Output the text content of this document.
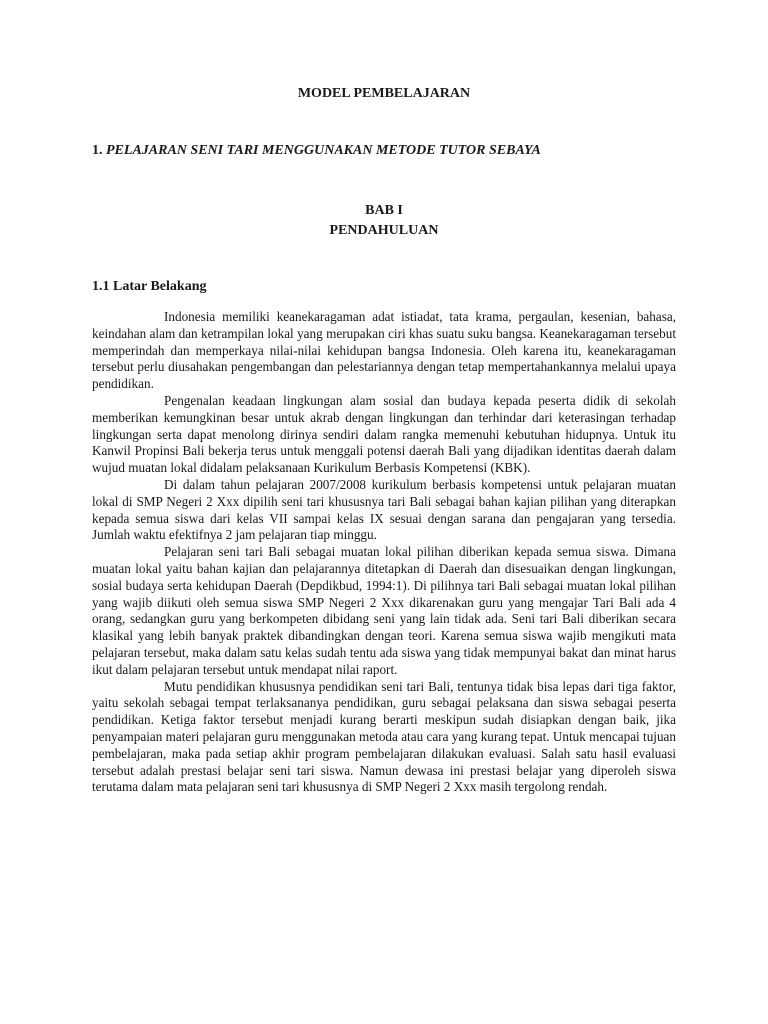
MODEL PEMBELAJARAN
1. PELAJARAN SENI TARI MENGGUNAKAN METODE TUTOR SEBAYA
BAB I
PENDAHULUAN
1.1 Latar Belakang

Indonesia memiliki keanekaragaman adat istiadat, tata krama, pergaulan, kesenian, bahasa, keindahan alam dan ketrampilan lokal yang merupakan ciri khas suatu suku bangsa. Keanekaragaman tersebut memperindah dan memperkaya nilai-nilai kehidupan bangsa Indonesia. Oleh karena itu, keanekaragaman tersebut perlu diusahakan pengembangan dan pelestariannya dengan tetap mempertahankannya melalui upaya pendidikan.

Pengenalan keadaan lingkungan alam sosial dan budaya kepada peserta didik di sekolah memberikan kemungkinan besar untuk akrab dengan lingkungan dan terhindar dari keterasingan terhadap lingkungan serta dapat menolong dirinya sendiri dalam rangka memenuhi kebutuhan hidupnya. Untuk itu Kanwil Propinsi Bali bekerja terus untuk menggali potensi daerah Bali yang dijadikan identitas daerah dalam wujud muatan lokal didalam pelaksanaan Kurikulum Berbasis Kompetensi (KBK).

Di dalam tahun pelajaran 2007/2008 kurikulum berbasis kompetensi untuk pelajaran muatan lokal di SMP Negeri 2 Xxx dipilih seni tari khususnya tari Bali sebagai bahan kajian pilihan yang diterapkan kepada semua siswa dari kelas VII sampai kelas IX sesuai dengan sarana dan pengajaran yang tersedia. Jumlah waktu efektifnya 2 jam pelajaran tiap minggu.

Pelajaran seni tari Bali sebagai muatan lokal pilihan diberikan kepada semua siswa. Dimana muatan lokal yaitu bahan kajian dan pelajarannya ditetapkan di Daerah dan disesuaikan dengan lingkungan, sosial budaya serta kehidupan Daerah (Depdikbud, 1994:1). Di pilihnya tari Bali sebagai muatan lokal pilihan yang wajib diikuti oleh semua siswa SMP Negeri 2 Xxx dikarenakan guru yang mengajar Tari Bali ada 4 orang, sedangkan guru yang berkompeten dibidang seni yang lain tidak ada. Seni tari Bali diberikan secara klasikal yang lebih banyak praktek dibandingkan dengan teori. Karena semua siswa wajib mengikuti mata pelajaran tersebut, maka dalam satu kelas sudah tentu ada siswa yang tidak mempunyai bakat dan minat harus ikut dalam pelajaran tersebut untuk mendapat nilai raport.

Mutu pendidikan khususnya pendidikan seni tari Bali, tentunya tidak bisa lepas dari tiga faktor, yaitu sekolah sebagai tempat terlaksananya pendidikan, guru sebagai pelaksana dan siswa sebagai peserta pendidikan. Ketiga faktor tersebut menjadi kurang berarti meskipun sudah disiapkan dengan baik, jika penyampaian materi pelajaran guru menggunakan metoda atau cara yang kurang tepat. Untuk mencapai tujuan pembelajaran, maka pada setiap akhir program pembelajaran dilakukan evaluasi. Salah satu hasil evaluasi tersebut adalah prestasi belajar seni tari siswa. Namun dewasa ini prestasi belajar yang diperoleh siswa terutama dalam mata pelajaran seni tari khususnya di SMP Negeri 2 Xxx masih tergolong rendah.
